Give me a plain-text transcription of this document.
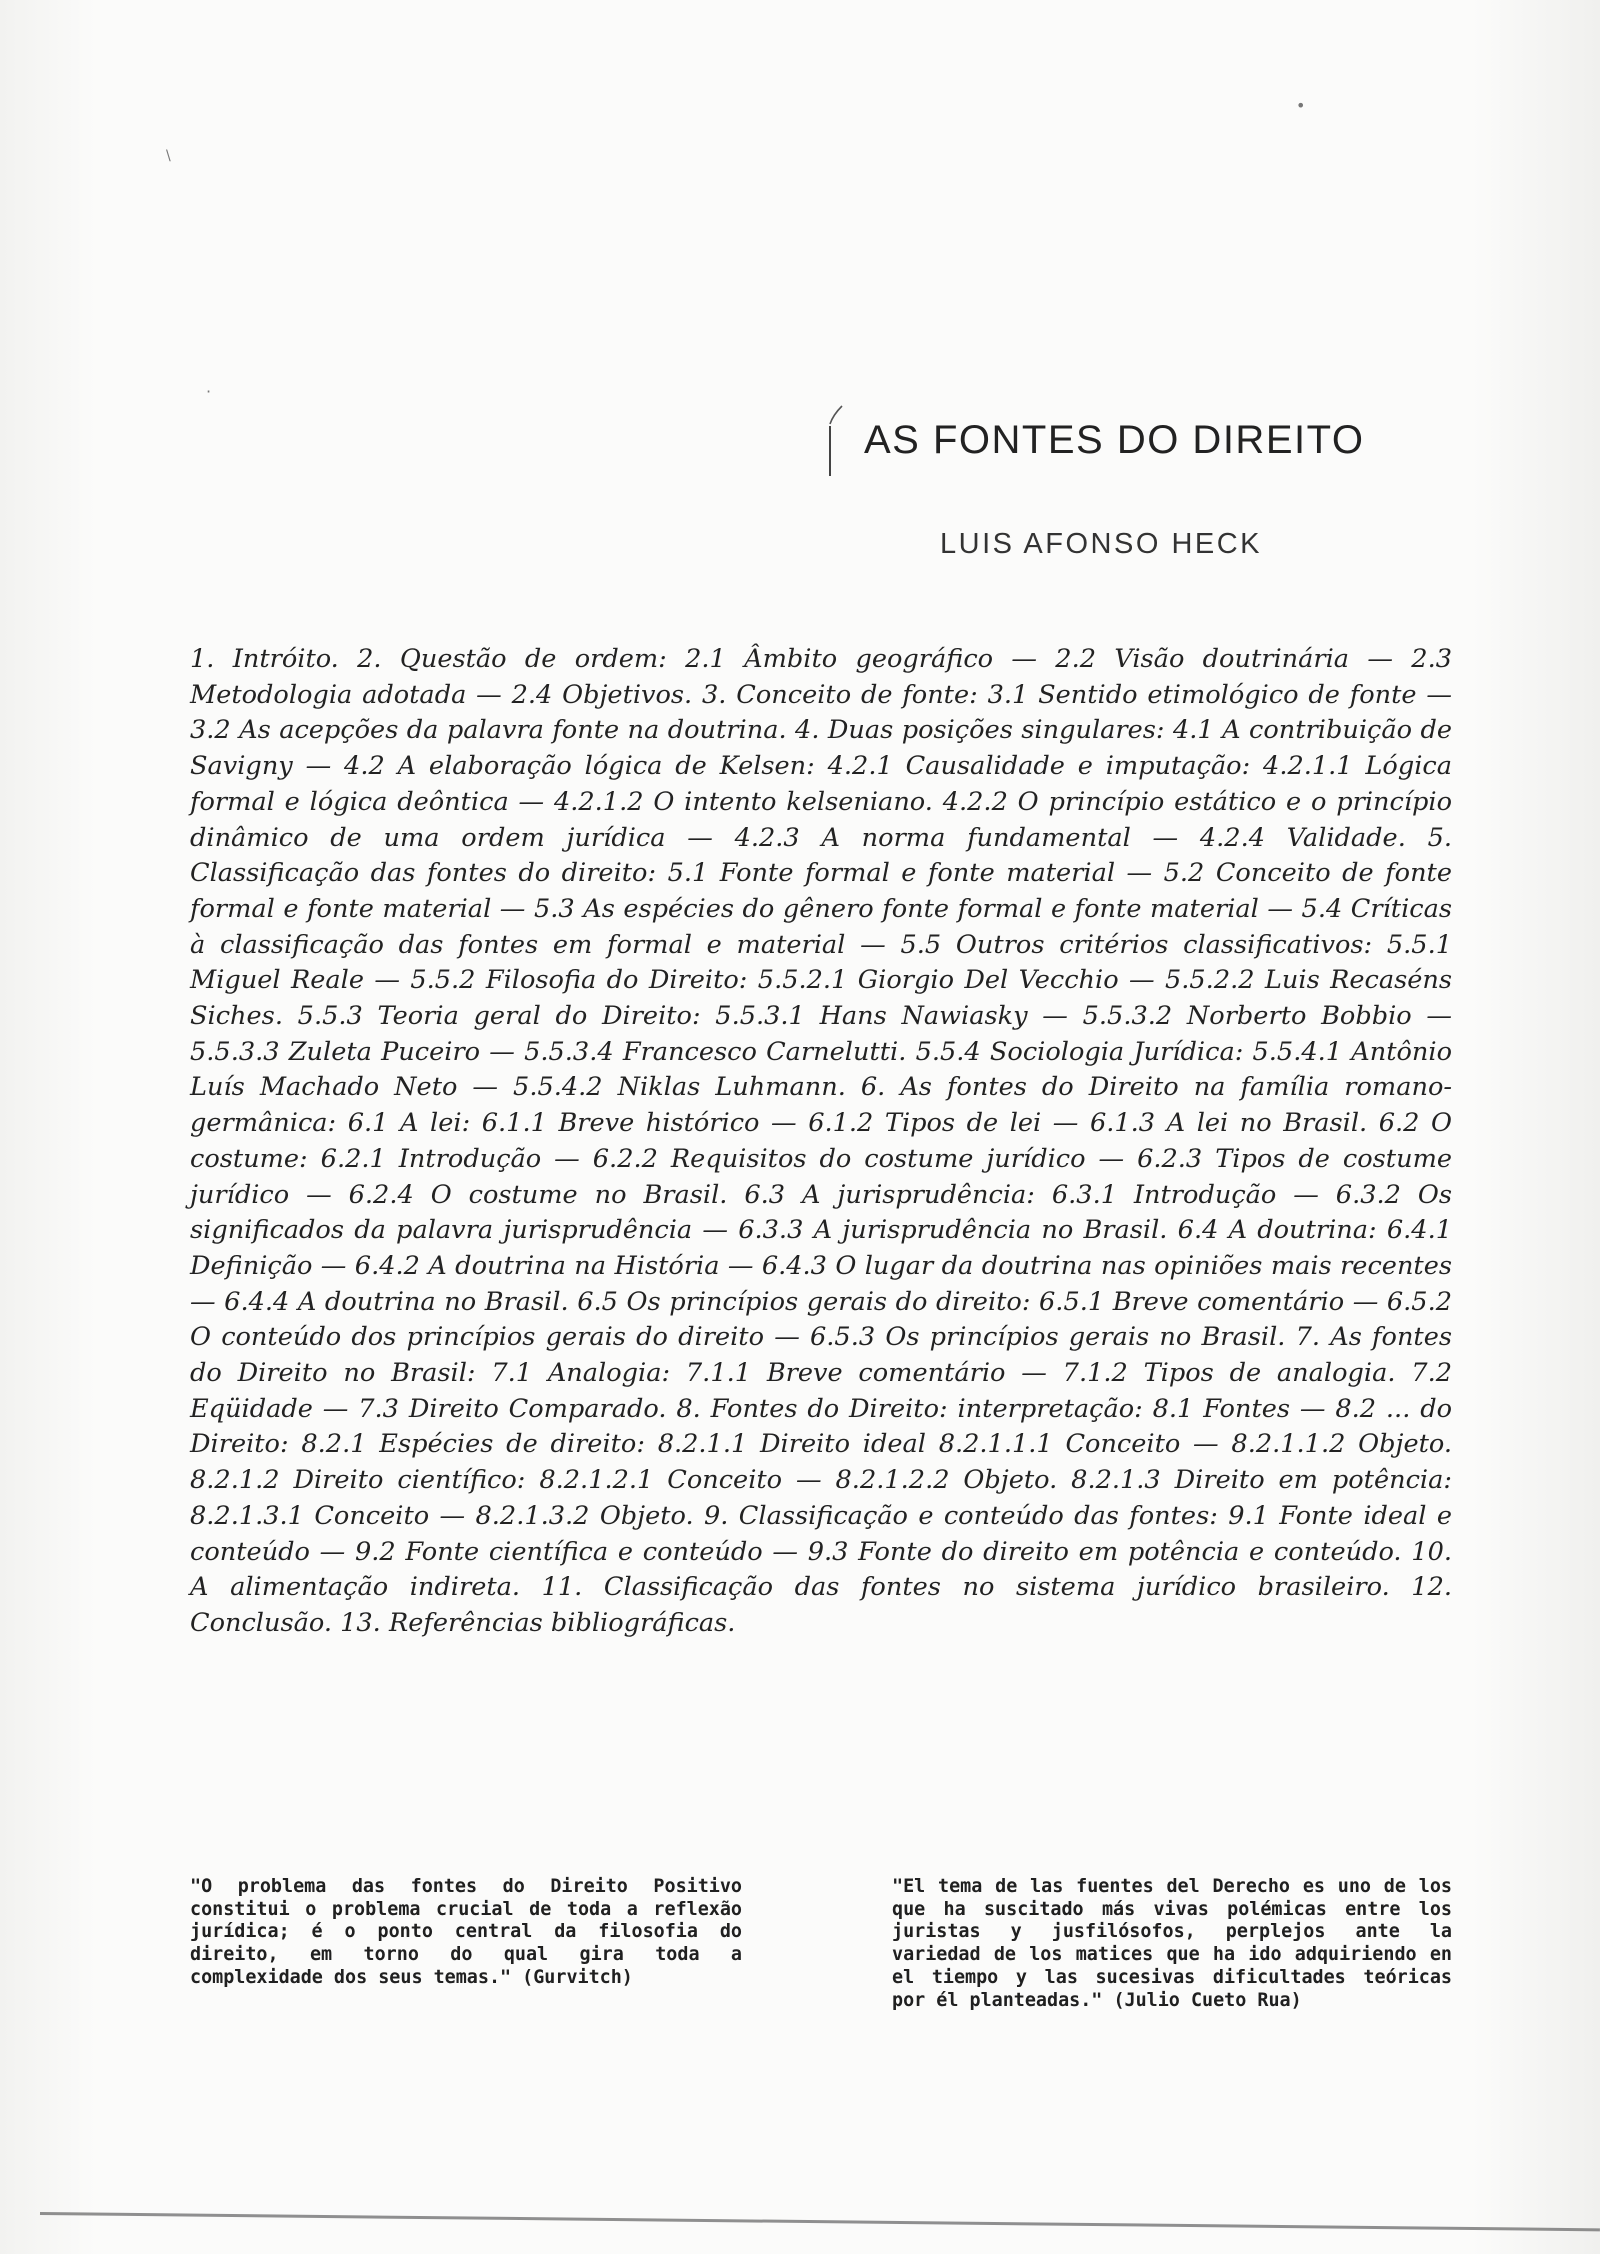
\
·
•
AS FONTES DO DIREITO
LUIS AFONSO HECK

1. Intróito. 2. Questão de ordem: 2.1 Âmbito geográfico — 2.2 Visão doutrinária — 2.3 Metodologia adotada — 2.4 Objetivos. 3. Conceito de fonte: 3.1 Sentido etimológico de fonte — 3.2 As acepções da palavra fonte na doutrina. 4. Duas posições singulares: 4.1 A contribuição de Savigny — 4.2 A elaboração lógica de Kelsen: 4.2.1 Causalidade e imputação: 4.2.1.1 Lógica formal e lógica deôntica — 4.2.1.2 O intento kelseniano. 4.2.2 O princípio estático e o princípio dinâmico de uma ordem jurídica — 4.2.3 A norma fundamental — 4.2.4 Validade. 5. Classificação das fontes do direito: 5.1 Fonte formal e fonte material — 5.2 Conceito de fonte formal e fonte material — 5.3 As espécies do gênero fonte formal e fonte material — 5.4 Críticas à classificação das fontes em formal e material — 5.5 Outros critérios classificativos: 5.5.1 Miguel Reale — 5.5.2 Filosofia do Direito: 5.5.2.1 Giorgio Del Vecchio — 5.5.2.2 Luis Recaséns Siches. 5.5.3 Teoria geral do Direito: 5.5.3.1 Hans Nawiasky — 5.5.3.2 Norberto Bobbio — 5.5.3.3 Zuleta Puceiro — 5.5.3.4 Francesco Carnelutti. 5.5.4 Sociologia Jurídica: 5.5.4.1 Antônio Luís Machado Neto — 5.5.4.2 Niklas Luhmann. 6. As fontes do Direito na família romano-germânica: 6.1 A lei: 6.1.1 Breve histórico — 6.1.2 Tipos de lei — 6.1.3 A lei no Brasil. 6.2 O costume: 6.2.1 Introdução — 6.2.2 Requisitos do costume jurídico — 6.2.3 Tipos de costume jurídico — 6.2.4 O costume no Brasil. 6.3 A jurisprudência: 6.3.1 Introdução — 6.3.2 Os significados da palavra jurisprudência — 6.3.3 A jurisprudência no Brasil. 6.4 A doutrina: 6.4.1 Definição — 6.4.2 A doutrina na História — 6.4.3 O lugar da doutrina nas opiniões mais recentes — 6.4.4 A doutrina no Brasil. 6.5 Os princípios gerais do direito: 6.5.1 Breve comentário — 6.5.2 O conteúdo dos princípios gerais do direito — 6.5.3 Os princípios gerais no Brasil. 7. As fontes do Direito no Brasil: 7.1 Analogia: 7.1.1 Breve comentário — 7.1.2 Tipos de analogia. 7.2 Eqüidade — 7.3 Direito Comparado. 8. Fontes do Direito: interpretação: 8.1 Fontes — 8.2 ... do Direito: 8.2.1 Espécies de direito: 8.2.1.1 Direito ideal 8.2.1.1.1 Conceito — 8.2.1.1.2 Objeto. 8.2.1.2 Direito científico: 8.2.1.2.1 Conceito — 8.2.1.2.2 Objeto. 8.2.1.3 Direito em potência: 8.2.1.3.1 Conceito — 8.2.1.3.2 Objeto. 9. Classificação e conteúdo das fontes: 9.1 Fonte ideal e conteúdo — 9.2 Fonte científica e conteúdo — 9.3 Fonte do direito em potência e conteúdo. 10. A alimentação indireta. 11. Classificação das fontes no sistema jurídico brasileiro. 12. Conclusão. 13. Referências bibliográficas.

"O problema das fontes do Direito Positivo constitui o problema crucial de toda a reflexão jurídica; é o ponto central da filosofia do direito, em torno do qual gira toda a complexidade dos seus temas." (Gurvitch)

"El tema de las fuentes del Derecho es uno de los que ha suscitado más vivas polémicas entre los juristas y jusfilósofos, perplejos ante la variedad de los matices que ha ido adquiriendo en el tiempo y las sucesivas dificultades teóricas por él planteadas." (Julio Cueto Rua)
